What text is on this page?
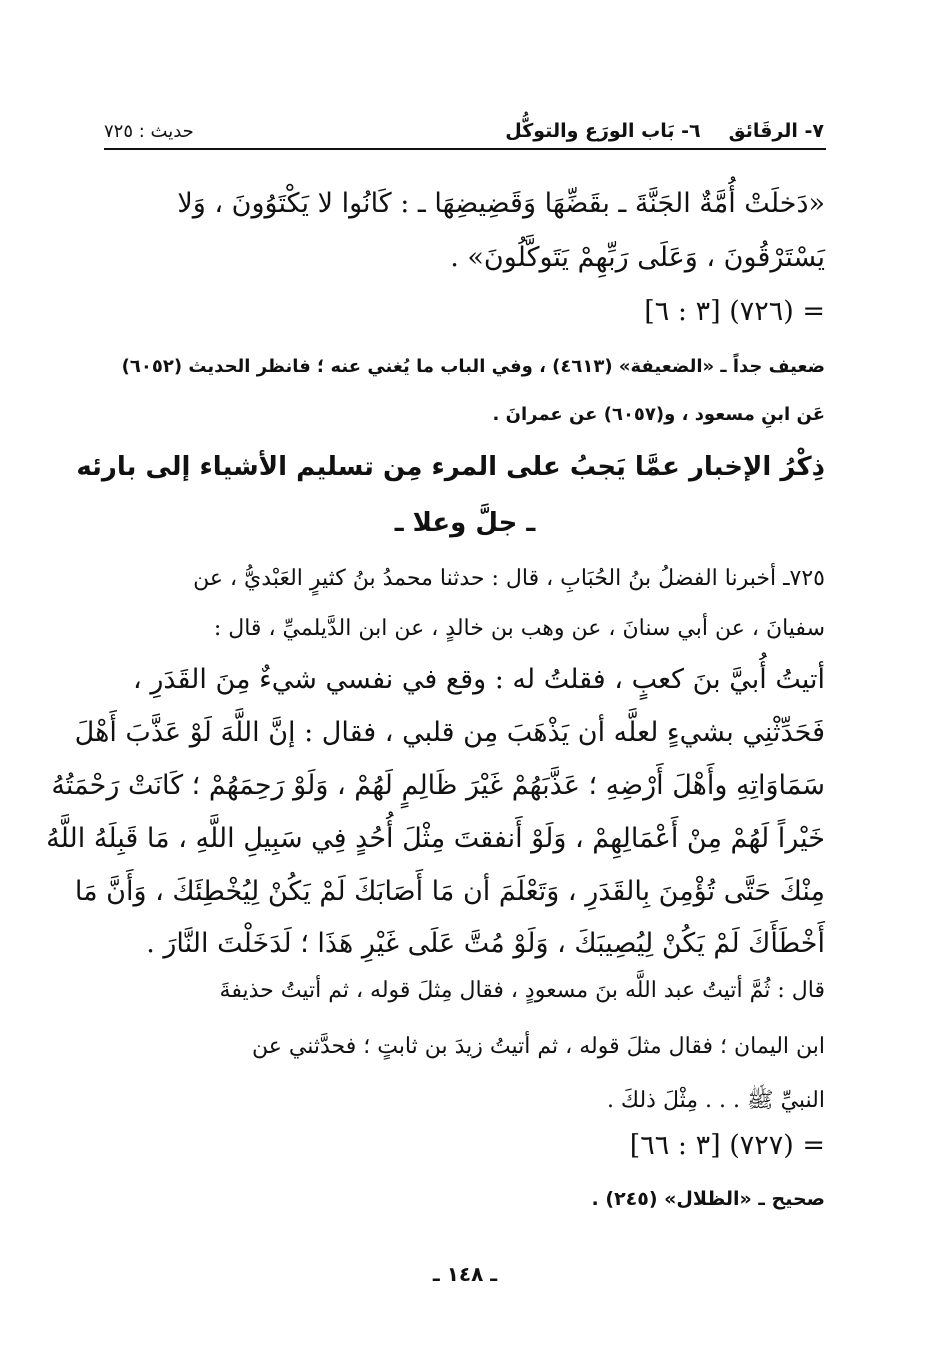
٧- الرقَائق
٦- بَاب الورَع والتوكُّل
حديث : ٧٢٥
«دَخلَتْ أُمَّةٌ الجَنَّةَ ـ بقَضِّهَا وَقَضِيضِهَا ـ : كَانُوا لا يَكْتَوُونَ ، وَلا
يَسْتَرْقُونَ ، وَعَلَى رَبِّهِمْ يَتَوكَّلُونَ» .
= (٧٢٦) [٣ : ٦]
ضعيف جداً ـ «الضعيفة» (٤٦١٣) ، وفي الباب ما يُغني عنه ؛ فانظر الحديث (٦٠٥٢)
عَن ابنِ مسعود ، و(٦٠٥٧) عن عمرانَ .
ذِكْرُ الإخبار عمَّا يَجبُ على المرء مِن تسليم الأشياء إلى بارئه
ـ جلَّ وعلا ـ
٧٢٥ـ أخبرنا الفضلُ بنُ الحُبَابِ ، قال : حدثنا محمدُ بنُ كثيرٍ العَبْديُّ ، عن
سفيانَ ، عن أبي سنانَ ، عن وهب بن خالدٍ ، عن ابن الدَّيلميِّ ، قال :
أتيتُ أُبيَّ بنَ كعبٍ ، فقلتُ له : وقع في نفسي شيءٌ مِنَ القَدَرِ ،
فَحَدِّثْنِي بشيءٍ لعلَّه أن يَذْهَبَ مِن قلبي ، فقال : إنَّ اللَّهَ لَوْ عَذَّبَ أَهْلَ
سَمَاوَاتِهِ وأَهْلَ أَرْضِهِ ؛ عَذَّبَهُمْ غَيْرَ ظَالِمٍ لَهُمْ ، وَلَوْ رَحِمَهُمْ ؛ كَانَتْ رَحْمَتُهُ
خَيْراً لَهُمْ مِنْ أَعْمَالِهِمْ ، وَلَوْ أَنفقتَ مِثْلَ أُحُدٍ فِي سَبِيلِ اللَّهِ ، مَا قَبِلَهُ اللَّهُ
مِنْكَ حَتَّى تُؤْمِنَ بِالقَدَرِ ، وَتَعْلَمَ أن مَا أَصَابَكَ لَمْ يَكُنْ لِيُخْطِئَكَ ، وَأَنَّ مَا
أَخْطَأَكَ لَمْ يَكُنْ لِيُصِيبَكَ ، وَلَوْ مُتَّ عَلَى غَيْرِ هَذَا ؛ لَدَخَلْتَ النَّارَ .
قال : ثُمَّ أتيتُ عبد اللَّه بنَ مسعودٍ ، فقال مِثلَ قوله ، ثم أتيتُ حذيفةَ
ابن اليمان ؛ فقال مثلَ قوله ، ثم أتيتُ زيدَ بن ثابتٍ ؛ فحدَّثني عن
النبيِّ ﷺ . . . مِثْلَ ذلكَ .
= (٧٢٧) [٣ : ٦٦]
صحيح ـ «الظلال» (٢٤٥) .
ـ ١٤٨ ـ
